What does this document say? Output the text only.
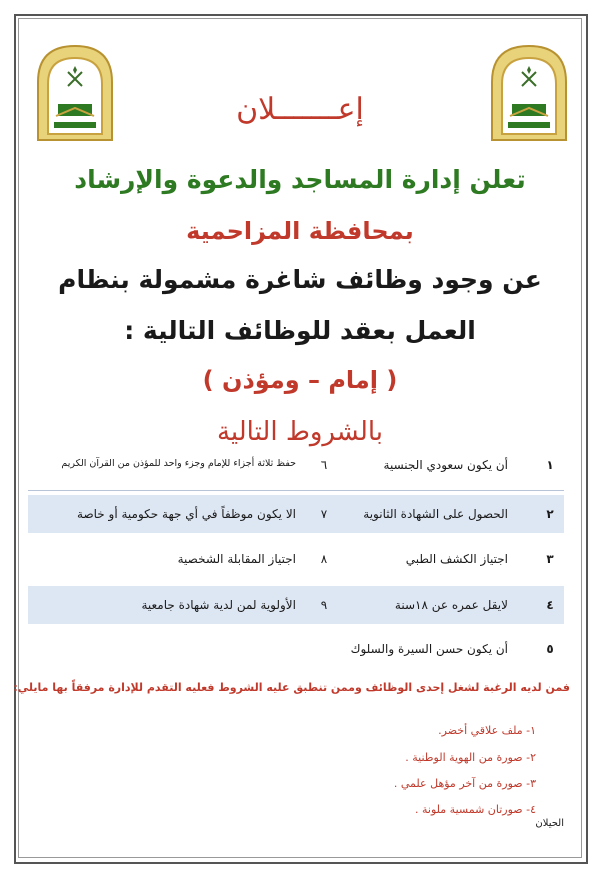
إعـــــــلان
تعلن إدارة المساجد والدعوة والإرشاد
بمحافظة المزاحمية
عن وجود وظائف شاغرة مشمولة بنظام
العمل بعقد للوظائف التالية :
( إمام – ومؤذن )
بالشروط التالية
١
أن يكون سعودي الجنسية
٦
حفظ ثلاثة أجزاء للإمام وجزء واحد للمؤذن من القرآن الكريم
٢
الحصول على الشهادة الثانوية
٧
الا يكون موظفاً في أي جهة حكومية أو خاصة
٣
اجتياز الكشف الطبي
٨
اجتياز المقابلة الشخصية
٤
لايقل عمره عن ١٨سنة
٩
الأولوية لمن لدية شهادة جامعية
٥
أن يكون حسن السيرة والسلوك
فمن لديه الرغبة لشغل إحدى الوظائف وممن تنطبق عليه الشروط فعليه التقدم للإدارة مرفقاً بها مايلي:
١- ملف علاقي أخضر.
٢- صورة من الهوية الوطنية .
٣- صورة من آخر مؤهل علمي .
٤- صورتان شمسية ملونة .
الحيلان
